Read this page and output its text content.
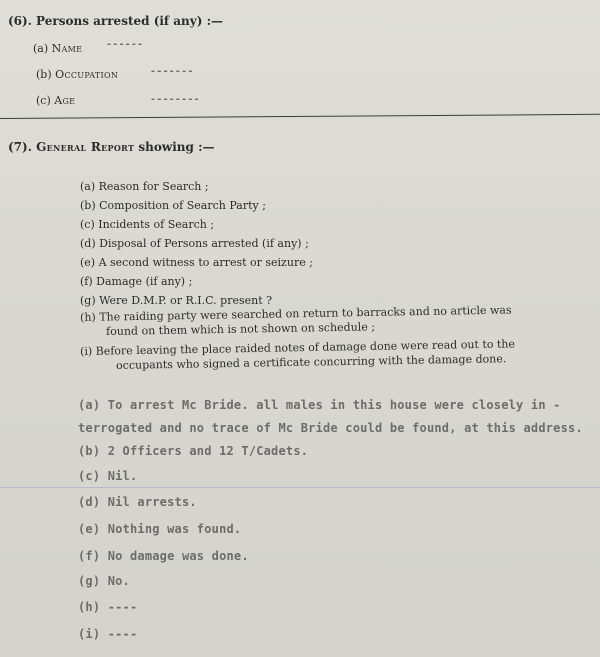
(6). Persons arrested (if any) :—
(a) Name ------
(b) Occupation	-------
(c) Age	--------
(7). General Report showing :—
(a) Reason for Search ;
(b) Composition of Search Party ;
(c) Incidents of Search ;
(d) Disposal of Persons arrested (if any) ;
(e) A second witness to arrest or seizure ;
(f) Damage (if any) ;
(g) Were D.M.P. or R.I.C. present ?
(h) The raiding party were searched on return to barracks and no article was
found on them which is not shown on schedule ;
(i) Before leaving the place raided notes of damage done were read out to the
occupants who signed a certificate concurring with the damage done.
(a) To arrest Mc Bride. all males in this house were closely in -
terrogated and no trace of Mc Bride could be found, at this address.
(b) 2 Officers and 12 T/Cadets.
(c) Nil.
(d) Nil arrests.
(e) Nothing was found.
(f) No damage was done.
(g) No.
(h) ----
(i) ----
